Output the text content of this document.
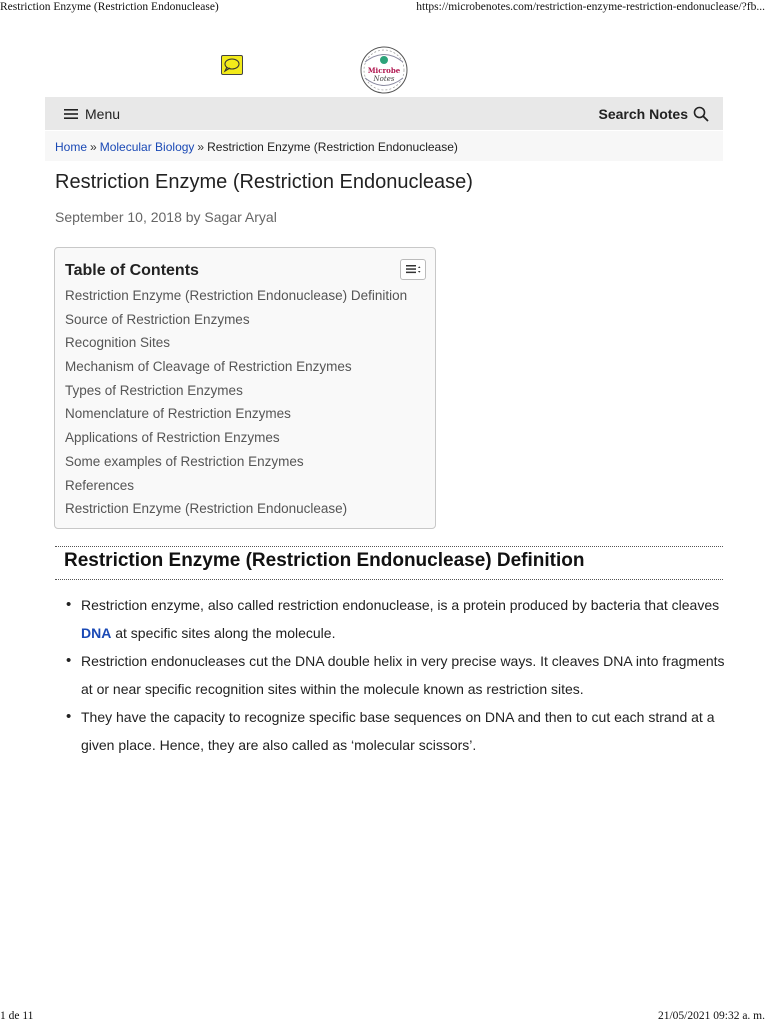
Restriction Enzyme (Restriction Endonuclease)	https://microbenotes.com/restriction-enzyme-restriction-endonuclease/?fb...
Microbe
Notes
Menu	Search Notes
Home » Molecular Biology » Restriction Enzyme (Restriction Endonuclease)
Restriction Enzyme (Restriction Endonuclease)
September 10, 2018 by Sagar Aryal
Table of Contents
Restriction Enzyme (Restriction Endonuclease) Definition
Source of Restriction Enzymes
Recognition Sites
Mechanism of Cleavage of Restriction Enzymes
Types of Restriction Enzymes
Nomenclature of Restriction Enzymes
Applications of Restriction Enzymes
Some examples of Restriction Enzymes
References
Restriction Enzyme (Restriction Endonuclease)
Restriction Enzyme (Restriction Endonuclease) Definition
• Restriction enzyme, also called restriction endonuclease, is a protein produced by bacteria that cleaves DNA at specific sites along the molecule.
• Restriction endonucleases cut the DNA double helix in very precise ways. It cleaves DNA into fragments at or near specific recognition sites within the molecule known as restriction sites.
• They have the capacity to recognize specific base sequences on DNA and then to cut each strand at a given place. Hence, they are also called as ‘molecular scissors’.
1 de 11	21/05/2021 09:32 a. m.
